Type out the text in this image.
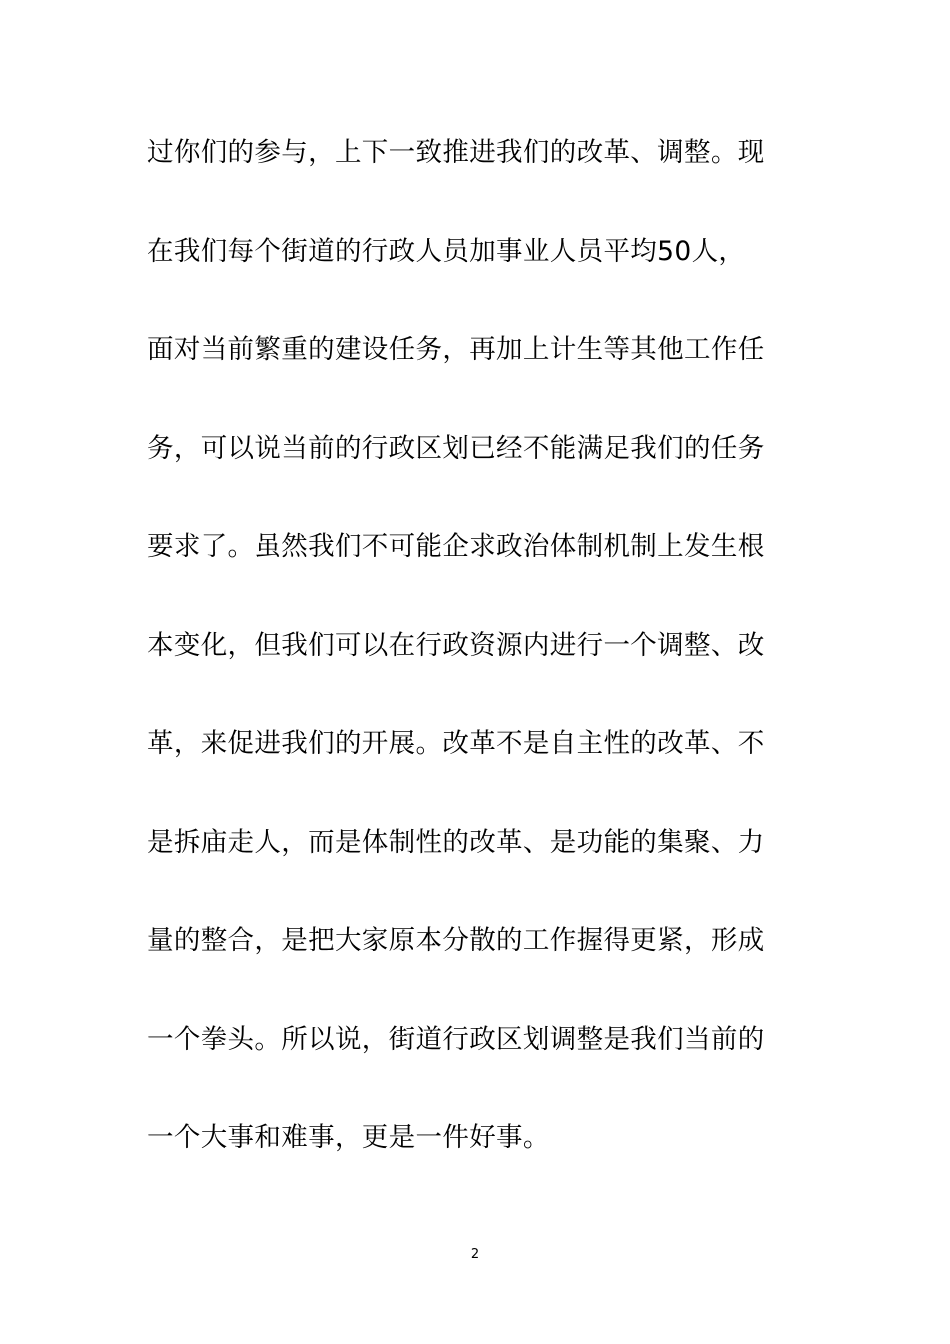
过你们的参与，上下一致推进我们的改革、调整。现
在我们每个街道的行政人员加事业人员平均50人，
面对当前繁重的建设任务，再加上计生等其他工作任
务，可以说当前的行政区划已经不能满足我们的任务
要求了。虽然我们不可能企求政治体制机制上发生根
本变化，但我们可以在行政资源内进行一个调整、改
革，来促进我们的开展。改革不是自主性的改革、不
是拆庙走人，而是体制性的改革、是功能的集聚、力
量的整合，是把大家原本分散的工作握得更紧，形成
一个拳头。所以说，街道行政区划调整是我们当前的
一个大事和难事，更是一件好事。
2
